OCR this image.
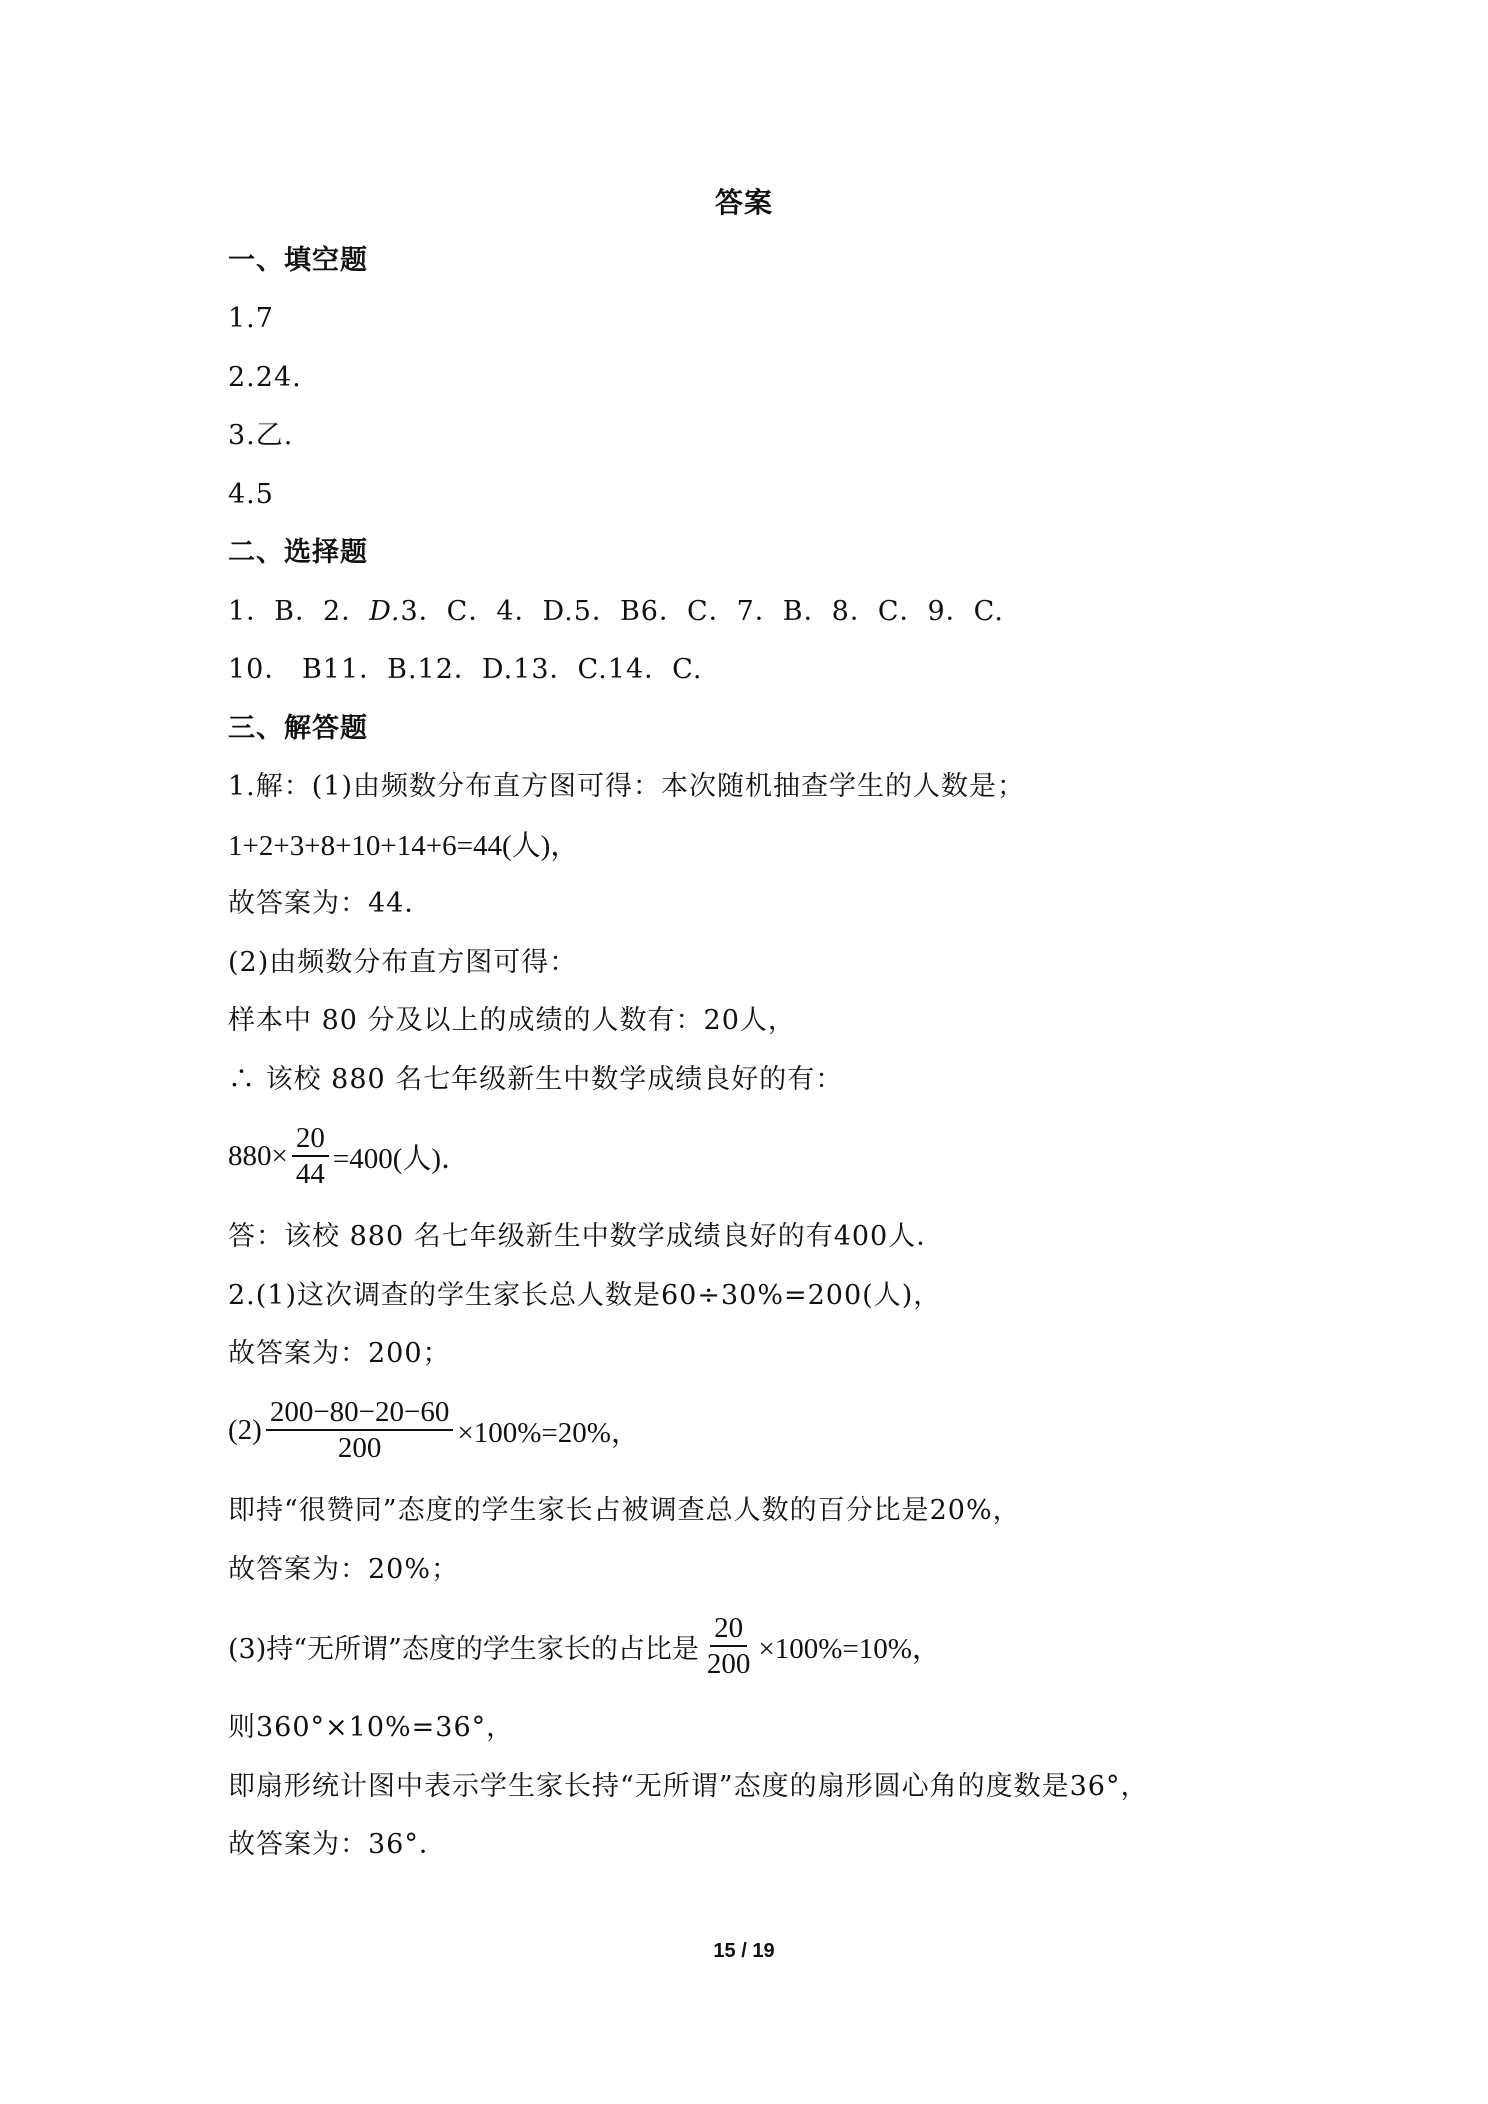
答案
一、填空题
1.7
2.24.
3.乙.
4.5
二、选择题
1．B．2．D.3．C．4．D.5．B6．C．7．B．8．C．9．C.
10． B11．B.12．D.13．C.14．C.
三、解答题
1.解：(1)由频数分布直方图可得：本次随机抽查学生的人数是；
1+2+3+8+10+14+6=44(人)，
故答案为：44．
(2)由频数分布直方图可得：
样本中 80 分及以上的成绩的人数有：20人，
∴ 该校 880 名七年级新生中数学成绩良好的有：
$880\times \frac{20}{44} =400$(人)．
答：该校 880 名七年级新生中数学成绩良好的有400人．
2.(1)这次调查的学生家长总人数是60÷30%=200(人)，
故答案为：200；
$(2) \frac{200-80-20-60}{200} \times 100\%=20\%$，
即持“很赞同”态度的学生家长占被调查总人数的百分比是20%，
故答案为：20%；
(3)持“无所谓”态度的学生家长的占比是 $\frac{20}{200} \times 100\%=10\%$，
则360°×10%=36°，
即扇形统计图中表示学生家长持“无所谓”态度的扇形圆心角的度数是36°，
故答案为：36°．
15 / 19
